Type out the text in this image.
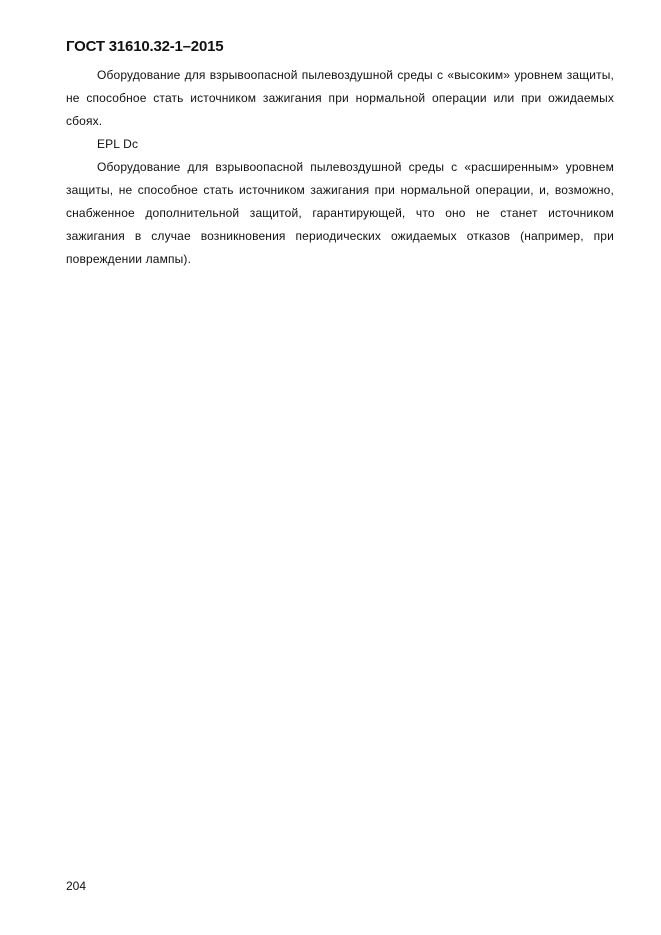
ГОСТ 31610.32-1–2015

Оборудование для взрывоопасной пылевоздушной среды с «высоким» уровнем защиты, не способное стать источником зажигания при нормальной операции или при ожидаемых сбоях.

EPL Dc

Оборудование для взрывоопасной пылевоздушной среды с «расширенным» уровнем защиты, не способное стать источником зажигания при нормальной операции, и, возможно, снабженное дополнительной защитой, гарантирующей, что оно не станет источником зажигания в случае возникновения периодических ожидаемых отказов (например, при повреждении лампы).

204
